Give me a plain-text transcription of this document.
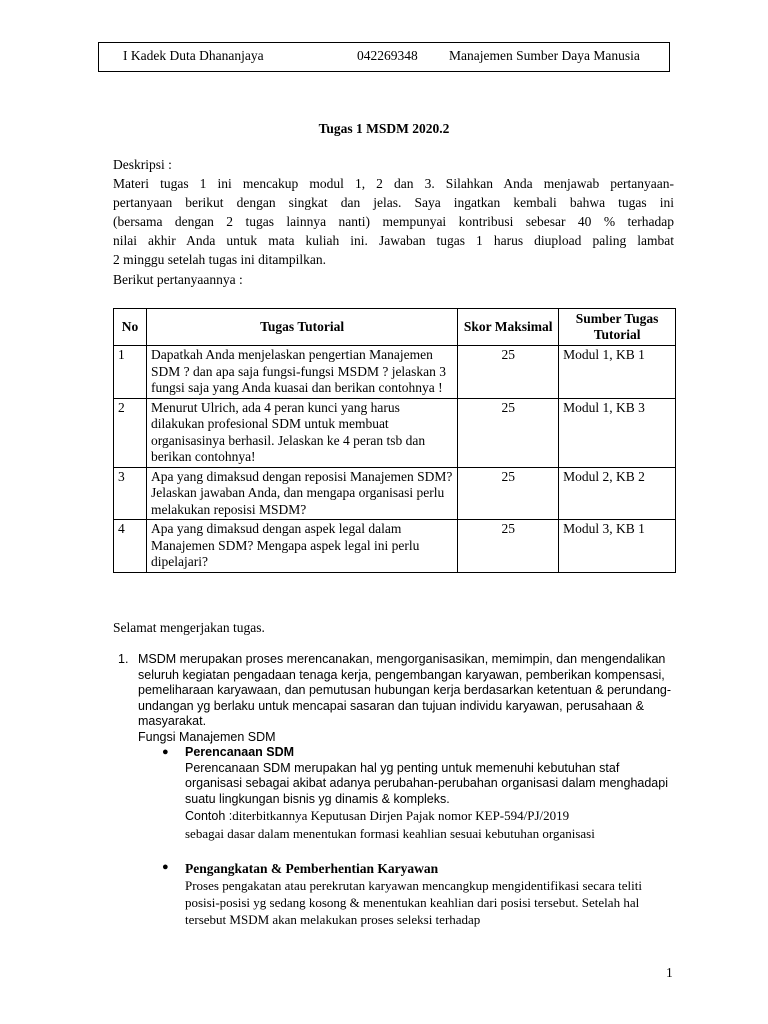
I Kadek Duta Dhananjaya	042269348 Manajemen Sumber Daya Manusia
Tugas 1 MSDM 2020.2
Deskripsi :
Materi tugas 1 ini mencakup modul 1, 2 dan 3. Silahkan Anda menjawab pertanyaan-
pertanyaan berikut dengan singkat dan jelas. Saya ingatkan kembali bahwa tugas ini
(bersama dengan 2 tugas lainnya nanti) mempunyai kontribusi sebesar 40 % terhadap
nilai akhir Anda untuk mata kuliah ini. Jawaban tugas 1 harus diupload paling lambat
2 minggu setelah tugas ini ditampilkan.
Berikut pertanyaannya :
No	Tugas Tutorial	Skor Maksimal	Sumber Tugas Tutorial
1	Dapatkah Anda menjelaskan pengertian Manajemen SDM ? dan apa saja fungsi-fungsi MSDM ? jelaskan 3 fungsi saja yang Anda kuasai dan berikan contohnya !	25	Modul 1, KB 1
2	Menurut Ulrich, ada 4 peran kunci yang harus dilakukan profesional SDM untuk membuat organisasinya berhasil. Jelaskan ke 4 peran tsb dan berikan contohnya!	25	Modul 1, KB 3
3	Apa yang dimaksud dengan reposisi Manajemen SDM? Jelaskan jawaban Anda, dan mengapa organisasi perlu melakukan reposisi MSDM?	25	Modul 2, KB 2
4	Apa yang dimaksud dengan aspek legal dalam Manajemen SDM? Mengapa aspek legal ini perlu dipelajari?	25	Modul 3, KB 1
Selamat mengerjakan tugas.
1. MSDM merupakan proses merencanakan, mengorganisasikan, memimpin, dan mengendalikan seluruh kegiatan pengadaan tenaga kerja, pengembangan karyawan, pemberikan kompensasi, pemeliharaan karyawaan, dan pemutusan hubungan kerja berdasarkan ketentuan & perundang-undangan yg berlaku untuk mencapai sasaran dan tujuan individu karyawan, perusahaan & masyarakat.
Fungsi Manajemen SDM
● Perencanaan SDM
Perencanaan SDM merupakan hal yg penting untuk memenuhi kebutuhan staf organisasi sebagai akibat adanya perubahan-perubahan organisasi dalam menghadapi suatu lingkungan bisnis yg dinamis & kompleks.
Contoh :diterbitkannya Keputusan Dirjen Pajak nomor KEP-594/PJ/2019
sebagai dasar dalam menentukan formasi keahlian sesuai kebutuhan organisasi
● Pengangkatan & Pemberhentian Karyawan
Proses pengakatan atau perekrutan karyawan mencangkup mengidentifikasi secara teliti posisi-posisi yg sedang kosong & menentukan keahlian dari posisi tersebut. Setelah hal tersebut MSDM akan melakukan proses seleksi terhadap
1
